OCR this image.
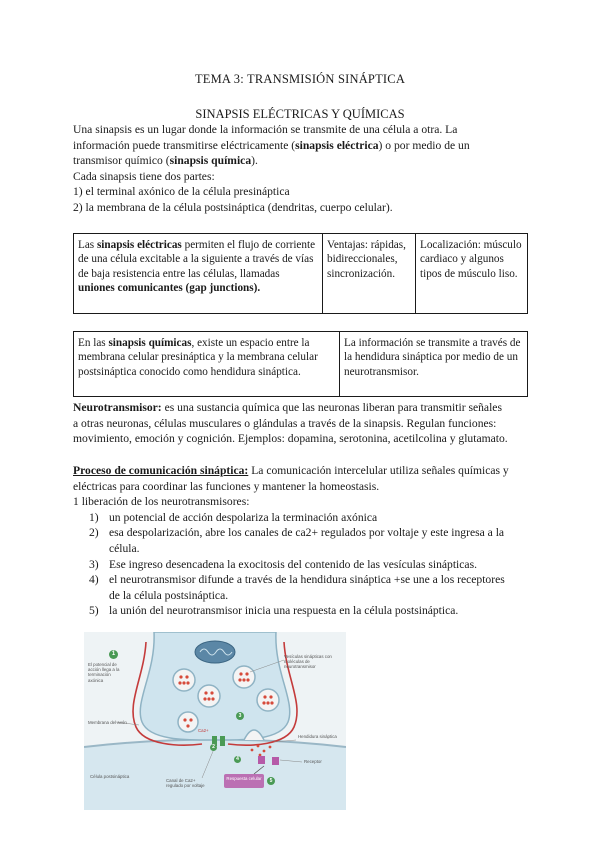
TEMA 3: TRANSMISIÓN SINÁPTICA
SINAPSIS ELÉCTRICAS Y QUÍMICAS
Una sinapsis es un lugar donde la información se transmite de una célula a otra. La
información puede transmitirse eléctricamente (sinapsis eléctrica) o por medio de un
transmisor químico (sinapsis química).
Cada sinapsis tiene dos partes:
1) el terminal axónico de la célula presináptica
2) la membrana de la célula postsináptica (dendritas, cuerpo celular).
Las sinapsis eléctricas permiten el flujo de corriente de una célula excitable a la siguiente a través de vías de baja resistencia entre las células, llamadas uniones comunicantes (gap junctions).
Ventajas: rápidas, bidireccionales, sincronización.
Localización: músculo cardiaco y algunos tipos de músculo liso.
En las sinapsis químicas, existe un espacio entre la membrana celular presináptica y la membrana celular postsináptica conocido como hendidura sináptica.
La información se transmite a través de la hendidura sináptica por medio de un neurotransmisor.
Neurotransmisor: es una sustancia química que las neuronas liberan para transmitir señales
a otras neuronas, células musculares o glándulas a través de la sinapsis. Regulan funciones:
movimiento, emoción y cognición. Ejemplos: dopamina, serotonina, acetilcolina y glutamato.
Proceso de comunicación sináptica: La comunicación intercelular utiliza señales químicas y
eléctricas para coordinar las funciones y mantener la homeostasis.
1 liberación de los neurotransmisores:
1) un potencial de acción despolariza la terminación axónica
2) esa despolarización, abre los canales de ca2+ regulados por voltaje y este ingresa a la
célula.
3) Ese ingreso desencadena la exocitosis del contenido de las vesículas sinápticas.
4) el neurotransmisor difunde a través de la hendidura sináptica +se une a los receptores
de la célula postsináptica.
5) la unión del neurotransmisor inicia una respuesta en la célula postsináptica.
1
2
3
4
5
El potencial de acción llega a la terminación axónica
Vesículas sinápticas con moléculas de neurotransmisor
Membrana del axón
Hendidura sináptica
Receptor
Célula postsináptica
Canal de Ca2+ regulado por voltaje
Respuesta celular
Ca2+
